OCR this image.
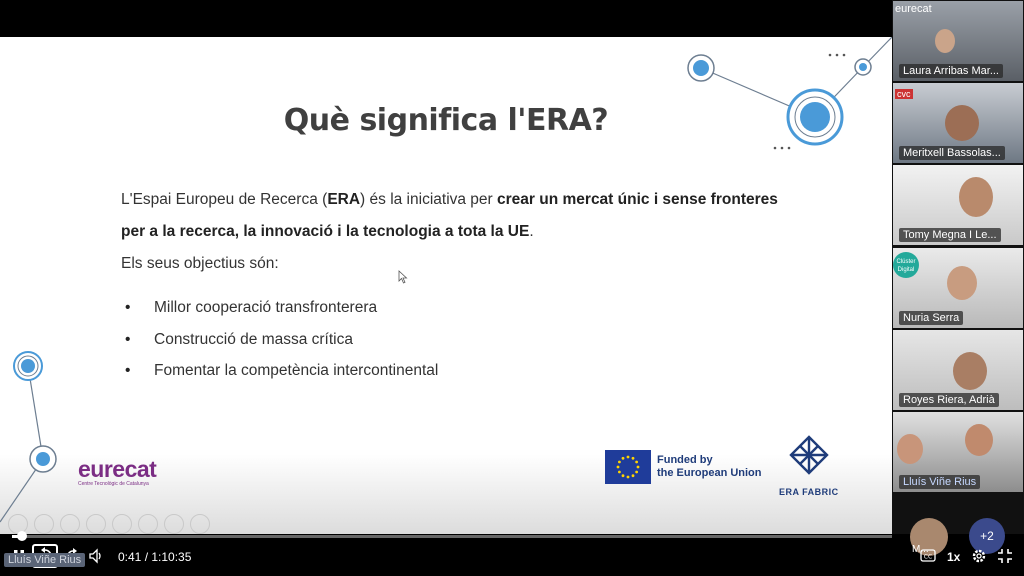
Què significa l'ERA?
L'Espai Europeu de Recerca (ERA) és la iniciativa per crear un mercat únic i sense fronteres
per a la recerca, la innovació i la tecnologia a tota la UE.
Els seus objectius són:
• Millor cooperació transfronterera
• Construcció de massa crítica
• Fomentar la competència intercontinental
eurecat
Centre Tecnològic de Catalunya
Funded by
the European Union
ERA FABRIC
eurecat
Laura Arribas Mar...
cvc
Meritxell Bassolas...
Tomy Megna I Le...
Clúster Digital
Nuria Serra
Royes Riera, Adrià
Lluís Viñe Rius
M...
+2
0:41 / 1:10:35
Lluís Viñe Rius	CC 1x
